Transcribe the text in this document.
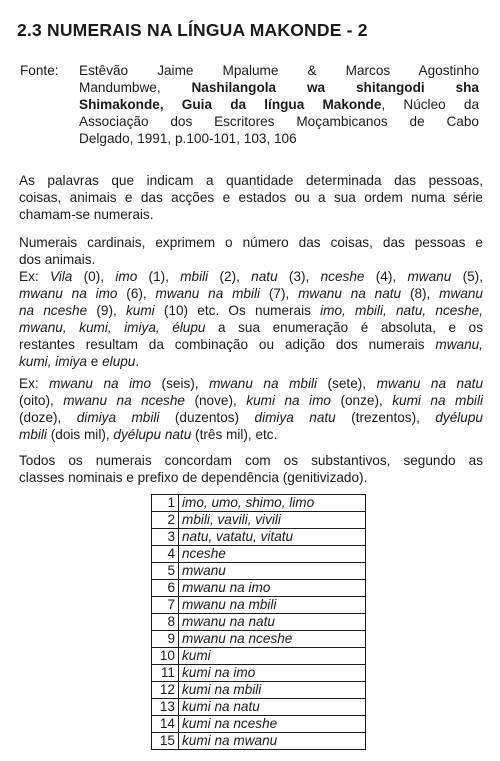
2.3 NUMERAIS NA LÍNGUA MAKONDE - 2
Fonte: Estêvão Jaime Mpalume & Marcos Agostinho
Mandumbwe, Nashilangola wa shitangodi sha
Shimakonde, Guia da língua Makonde, Núcleo da
Associação dos Escritores Moçambicanos de Cabo
Delgado, 1991, p.100-101, 103, 106
As palavras que indicam a quantidade determinada das pessoas,
coisas, animais e das acções e estados ou a sua ordem numa série
chamam-se numerais.
Numerais cardinais, exprimem o número das coisas, das pessoas e
dos animais.
Ex: Vila (0), imo (1), mbili (2), natu (3), nceshe (4), mwanu (5),
mwanu na imo (6), mwanu na mbili (7), mwanu na natu (8), mwanu
na nceshe (9), kumi (10) etc. Os numerais imo, mbili, natu, nceshe,
mwanu, kumi, imiya, élupu a sua enumeração é absoluta, e os
restantes resultam da combinação ou adição dos numerais mwanu,
kumi, imiya e elupu.
Ex: mwanu na imo (seis), mwanu na mbili (sete), mwanu na natu
(oito), mwanu na nceshe (nove), kumi na imo (onze), kumi na mbili
(doze), dimiya mbili (duzentos) dimiya natu (trezentos), dyélupu
mbili (dois mil), dyélupu natu (três mil), etc.
Todos os numerais concordam com os substantivos, segundo as
classes nominais e prefixo de dependência (genitivizado).
1	imo, umo, shimo, limo
2	mbili, vavili, vivili
3	natu, vatatu, vitatu
4	nceshe
5	mwanu
6	mwanu na imo
7	mwanu na mbili
8	mwanu na natu
9	mwanu na nceshe
10	kumi
11	kumi na imo
12	kumi na mbili
13	kumi na natu
14	kumi na nceshe
15	kumi na mwanu
